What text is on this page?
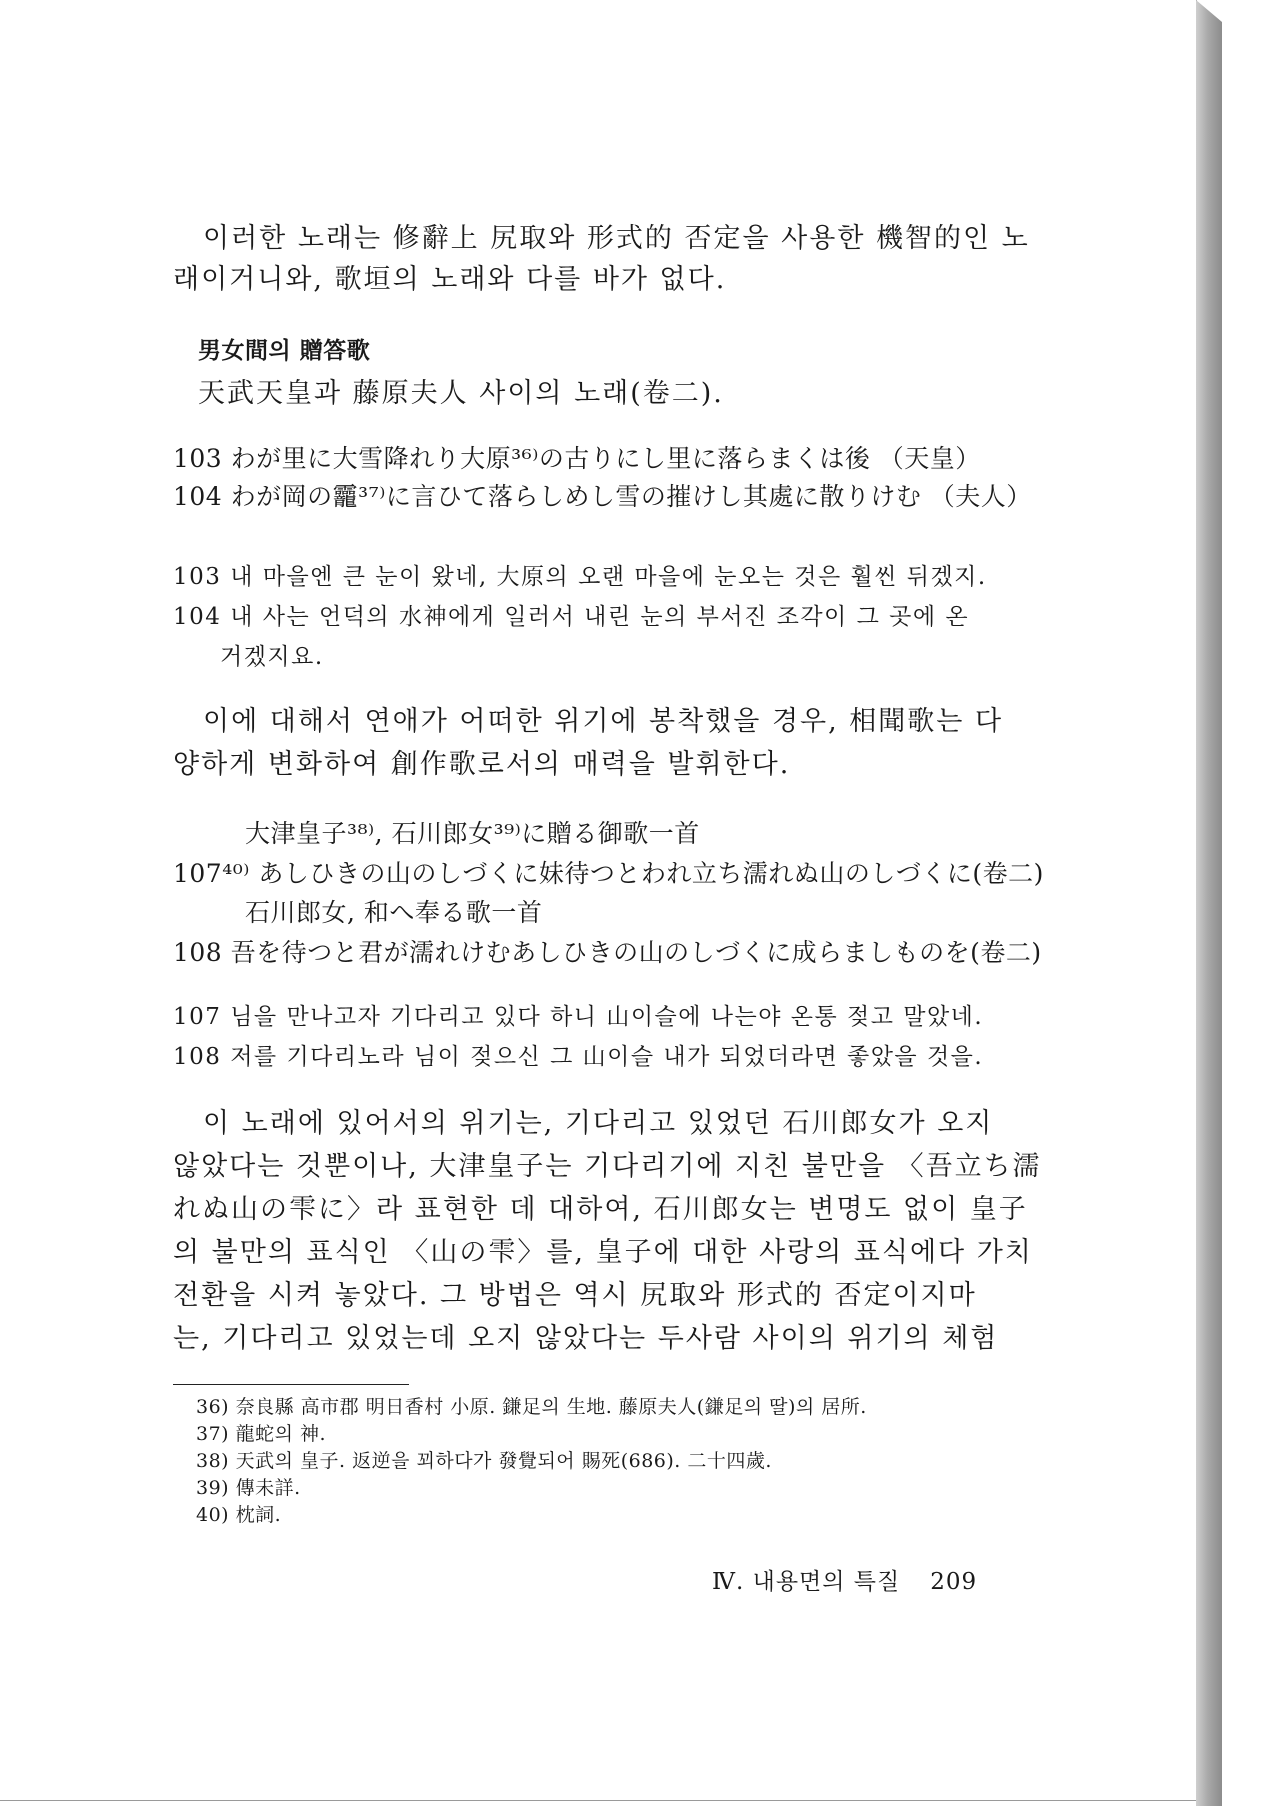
이러한 노래는 修辭上 尻取와 形式的 否定을 사용한 機智的인 노
래이거니와, 歌垣의 노래와 다를 바가 없다.
男女間의 贈答歌
天武天皇과 藤原夫人 사이의 노래(卷二).
103 わが里に大雪降れり大原³⁶⁾の古りにし里に落らまくは後 （天皇）
104 わが岡の龗³⁷⁾に言ひて落らしめし雪の摧けし其處に散りけむ （夫人）
103 내 마을엔 큰 눈이 왔네, 大原의 오랜 마을에 눈오는 것은 훨씬 뒤겠지.
104 내 사는 언덕의 水神에게 일러서 내린 눈의 부서진 조각이 그 곳에 온
거겠지요.
이에 대해서 연애가 어떠한 위기에 봉착했을 경우, 相聞歌는 다
양하게 변화하여 創作歌로서의 매력을 발휘한다.
大津皇子³⁸⁾, 石川郎女³⁹⁾に贈る御歌一首
107⁴⁰⁾ あしひきの山のしづくに妹待つとわれ立ち濡れぬ山のしづくに(卷二)
石川郎女, 和へ奉る歌一首
108 吾を待つと君が濡れけむあしひきの山のしづくに成らましものを(卷二)
107 님을 만나고자 기다리고 있다 하니 山이슬에 나는야 온통 젖고 말았네.
108 저를 기다리노라 님이 젖으신 그 山이슬 내가 되었더라면 좋았을 것을.
이 노래에 있어서의 위기는, 기다리고 있었던 石川郎女가 오지
않았다는 것뿐이나, 大津皇子는 기다리기에 지친 불만을 〈吾立ち濡
れぬ山の雫に〉라 표현한 데 대하여, 石川郎女는 변명도 없이 皇子
의 불만의 표식인 〈山の雫〉를, 皇子에 대한 사랑의 표식에다 가치
전환을 시켜 놓았다. 그 방법은 역시 尻取와 形式的 否定이지마
는, 기다리고 있었는데 오지 않았다는 두사람 사이의 위기의 체험
36) 奈良縣 高市郡 明日香村 小原. 鎌足의 生地. 藤原夫人(鎌足의 딸)의 居所.
37) 龍蛇의 神.
38) 天武의 皇子. 返逆을 꾀하다가 發覺되어 賜死(686). 二十四歲.
39) 傳未詳.
40) 枕詞.
Ⅳ. 내용면의 특질 209
